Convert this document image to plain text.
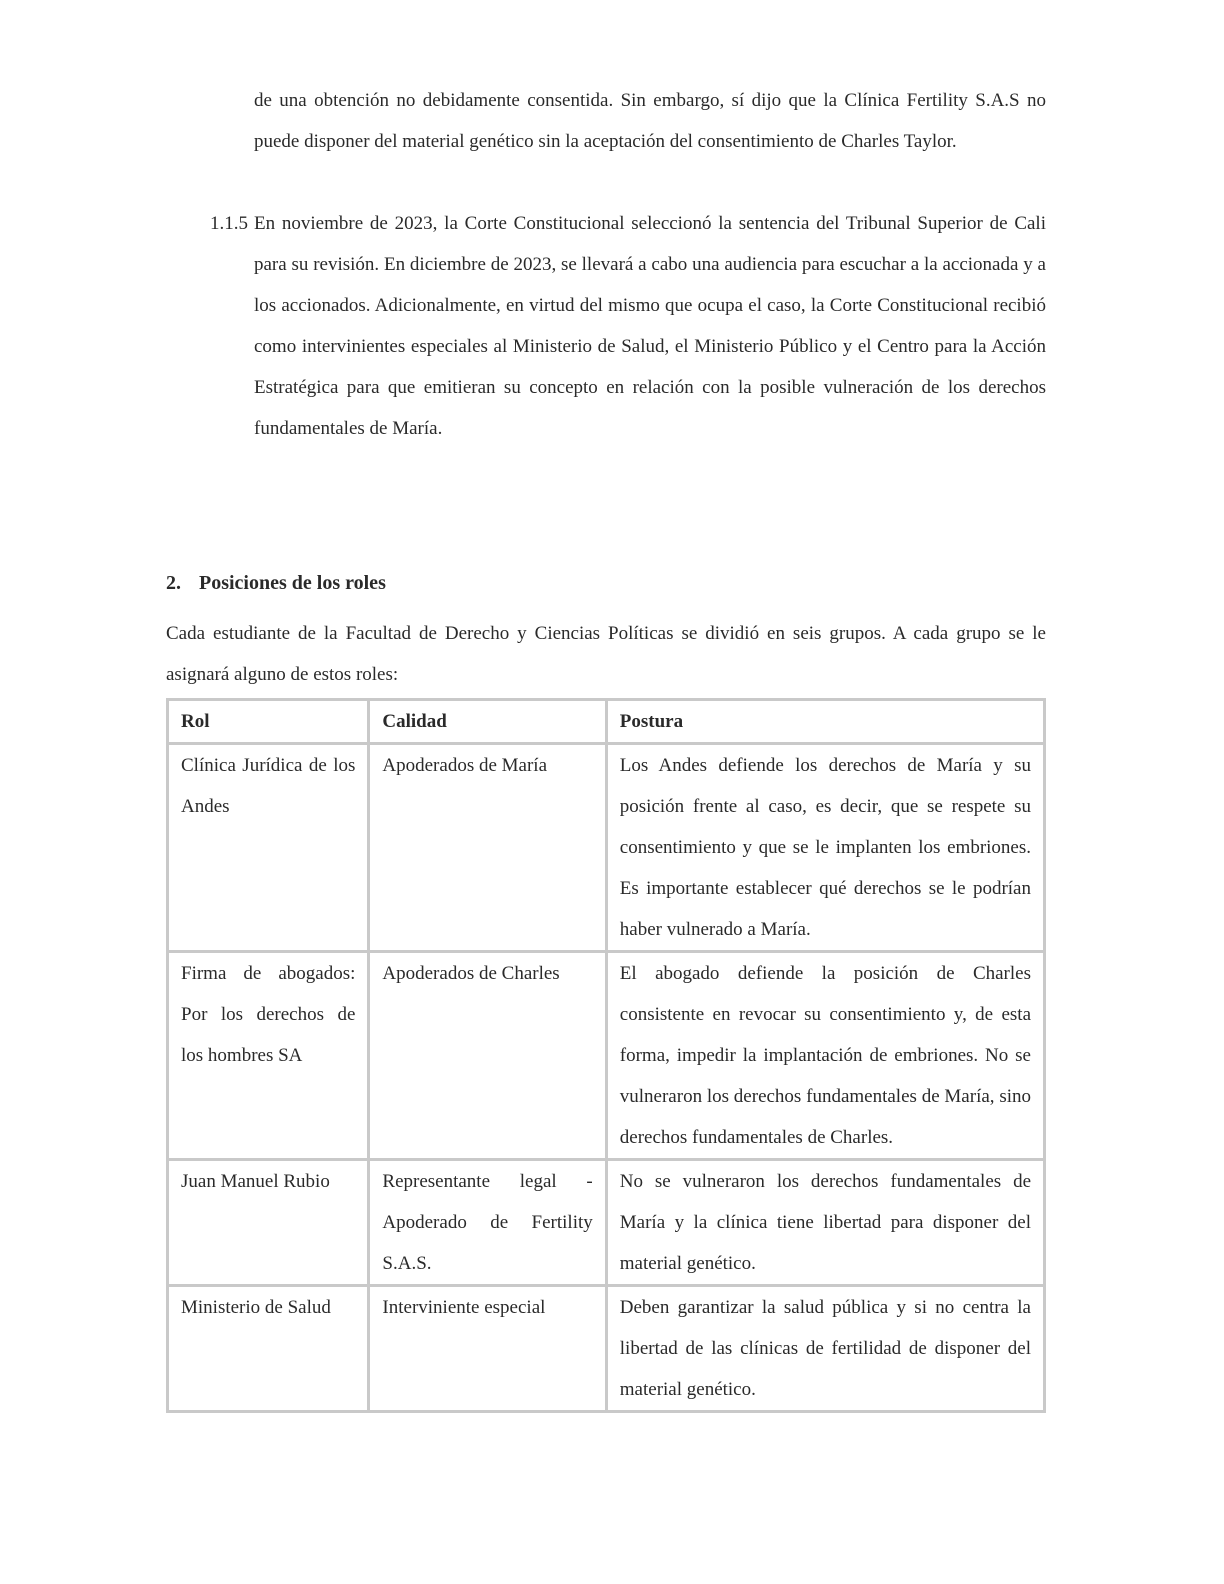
de una obtención no debidamente consentida. Sin embargo, sí dijo que la Clínica Fertility S.A.S no puede disponer del material genético sin la aceptación del consentimiento de Charles Taylor.

1.1.5 En noviembre de 2023, la Corte Constitucional seleccionó la sentencia del Tribunal Superior de Cali para su revisión. En diciembre de 2023, se llevará a cabo una audiencia para escuchar a la accionada y a los accionados. Adicionalmente, en virtud del mismo que ocupa el caso, la Corte Constitucional recibió como intervinientes especiales al Ministerio de Salud, el Ministerio Público y el Centro para la Acción Estratégica para que emitieran su concepto en relación con la posible vulneración de los derechos fundamentales de María.

2. Posiciones de los roles

Cada estudiante de la Facultad de Derecho y Ciencias Políticas se dividió en seis grupos. A cada grupo se le asignará alguno de estos roles:

Rol	Calidad	Postura
Clínica Jurídica de los Andes	Apoderados de María	Los Andes defiende los derechos de María y su posición frente al caso, es decir, que se respete su consentimiento y que se le implanten los embriones. Es importante establecer qué derechos se le podrían haber vulnerado a María.
Firma de abogados: Por los derechos de los hombres SA	Apoderados de Charles	El abogado defiende la posición de Charles consistente en revocar su consentimiento y, de esta forma, impedir la implantación de embriones. No se vulneraron los derechos fundamentales de María, sino derechos fundamentales de Charles.
Juan Manuel Rubio	Representante legal - Apoderado de Fertility S.A.S.	No se vulneraron los derechos fundamentales de María y la clínica tiene libertad para disponer del material genético.
Ministerio de Salud	Interviniente especial	Deben garantizar la salud pública y si no centra la libertad de las clínicas de fertilidad de disponer del material genético.
